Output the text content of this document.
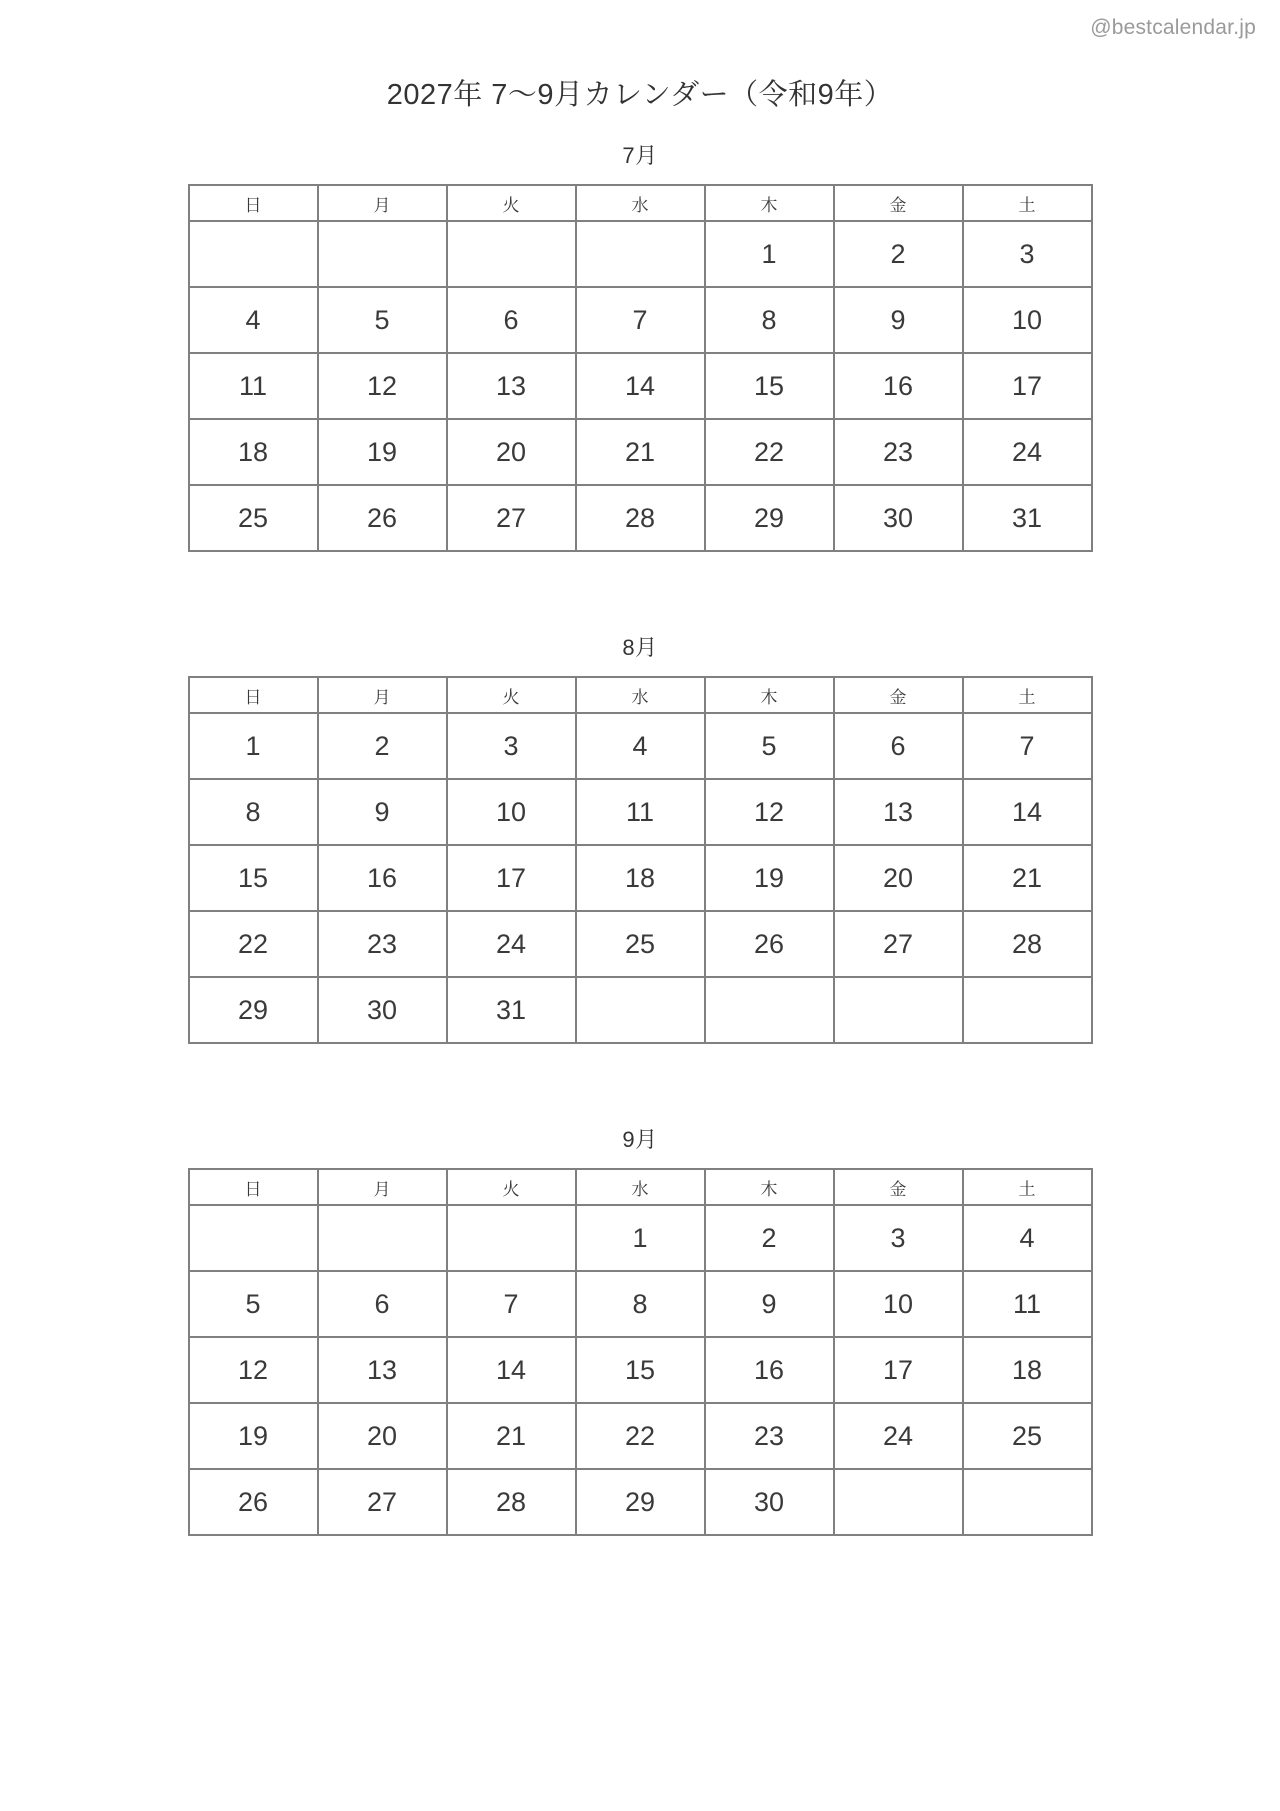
@bestcalendar.jp
2027年 7〜9月カレンダー（令和9年）
7月
日	月	火	水	木	金	土
				1	2	3
4	5	6	7	8	9	10
11	12	13	14	15	16	17
18	19	20	21	22	23	24
25	26	27	28	29	30	31
8月
日	月	火	水	木	金	土
1	2	3	4	5	6	7
8	9	10	11	12	13	14
15	16	17	18	19	20	21
22	23	24	25	26	27	28
29	30	31				
9月
日	月	火	水	木	金	土
			1	2	3	4
5	6	7	8	9	10	11
12	13	14	15	16	17	18
19	20	21	22	23	24	25
26	27	28	29	30		
